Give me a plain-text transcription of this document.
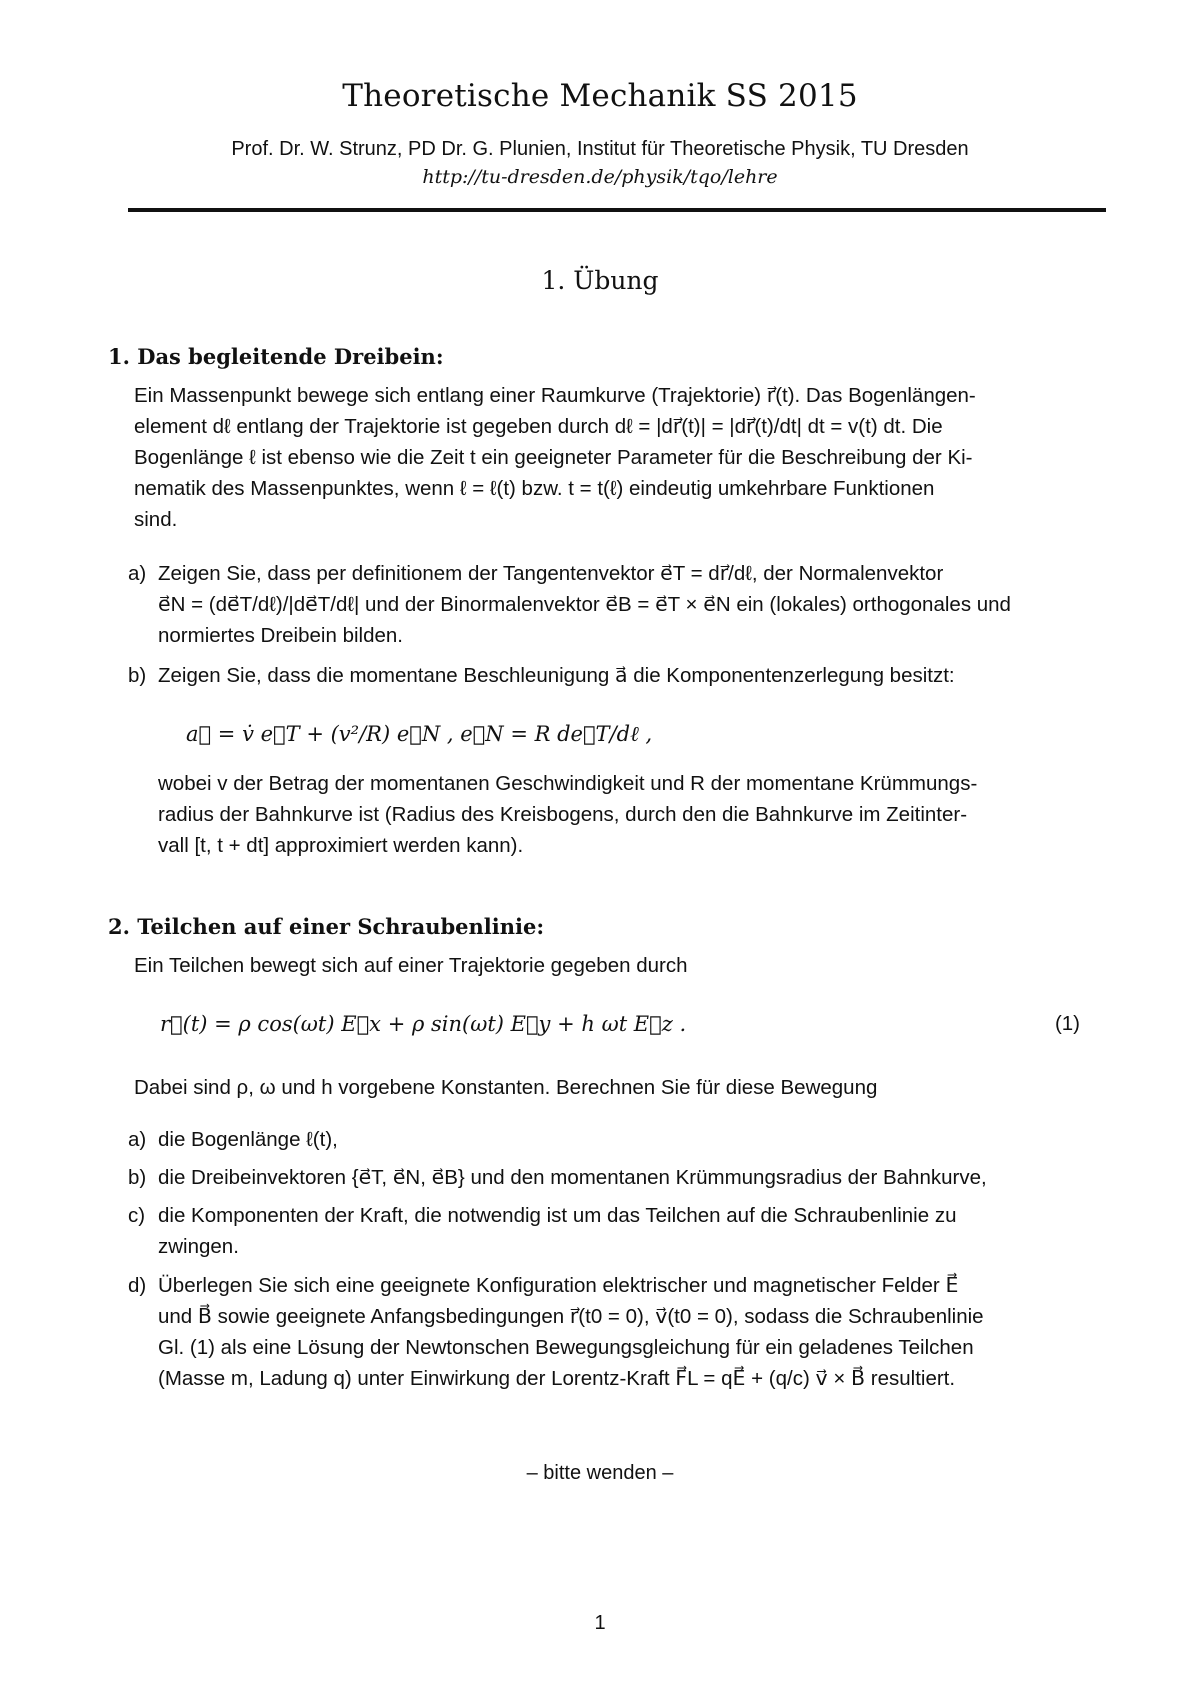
Theoretische Mechanik SS 2015
Prof. Dr. W. Strunz, PD Dr. G. Plunien, Institut für Theoretische Physik, TU Dresden
http://tu-dresden.de/physik/tqo/lehre
1. Übung
1. Das begleitende Dreibein:
Ein Massenpunkt bewege sich entlang einer Raumkurve (Trajektorie) r⃗(t). Das Bogenlängen-
element dℓ entlang der Trajektorie ist gegeben durch dℓ = |dr⃗(t)| = |dr⃗(t)/dt| dt = v(t) dt. Die
Bogenlänge ℓ ist ebenso wie die Zeit t ein geeigneter Parameter für die Beschreibung der Ki-
nematik des Massenpunktes, wenn ℓ = ℓ(t) bzw. t = t(ℓ) eindeutig umkehrbare Funktionen
sind.
a) Zeigen Sie, dass per definitionem der Tangentenvektor e⃗T = dr⃗/dℓ, der Normalenvektor
e⃗N = (de⃗T/dℓ)/|de⃗T/dℓ| und der Binormalenvektor e⃗B = e⃗T × e⃗N ein (lokales) orthogonales und
normiertes Dreibein bilden.
b) Zeigen Sie, dass die momentane Beschleunigung a⃗ die Komponentenzerlegung besitzt:
a⃗ = v̇ e⃗T + (v²/R) e⃗N , e⃗N = R de⃗T/dℓ ,
wobei v der Betrag der momentanen Geschwindigkeit und R der momentane Krümmungs-
radius der Bahnkurve ist (Radius des Kreisbogens, durch den die Bahnkurve im Zeitinter-
vall [t, t + dt] approximiert werden kann).
2. Teilchen auf einer Schraubenlinie:
Ein Teilchen bewegt sich auf einer Trajektorie gegeben durch
r⃗(t) = ρ cos(ωt) E⃗x + ρ sin(ωt) E⃗y + h ωt E⃗z .	(1)
Dabei sind ρ, ω und h vorgebene Konstanten. Berechnen Sie für diese Bewegung
a) die Bogenlänge ℓ(t),
b) die Dreibeinvektoren {e⃗T, e⃗N, e⃗B} und den momentanen Krümmungsradius der Bahnkurve,
c) die Komponenten der Kraft, die notwendig ist um das Teilchen auf die Schraubenlinie zu
zwingen.
d) Überlegen Sie sich eine geeignete Konfiguration elektrischer und magnetischer Felder E⃗
und B⃗ sowie geeignete Anfangsbedingungen r⃗(t0 = 0), v⃗(t0 = 0), sodass die Schraubenlinie
Gl. (1) als eine Lösung der Newtonschen Bewegungsgleichung für ein geladenes Teilchen
(Masse m, Ladung q) unter Einwirkung der Lorentz-Kraft F⃗L = qE⃗ + (q/c) v⃗ × B⃗ resultiert.
– bitte wenden –
1
